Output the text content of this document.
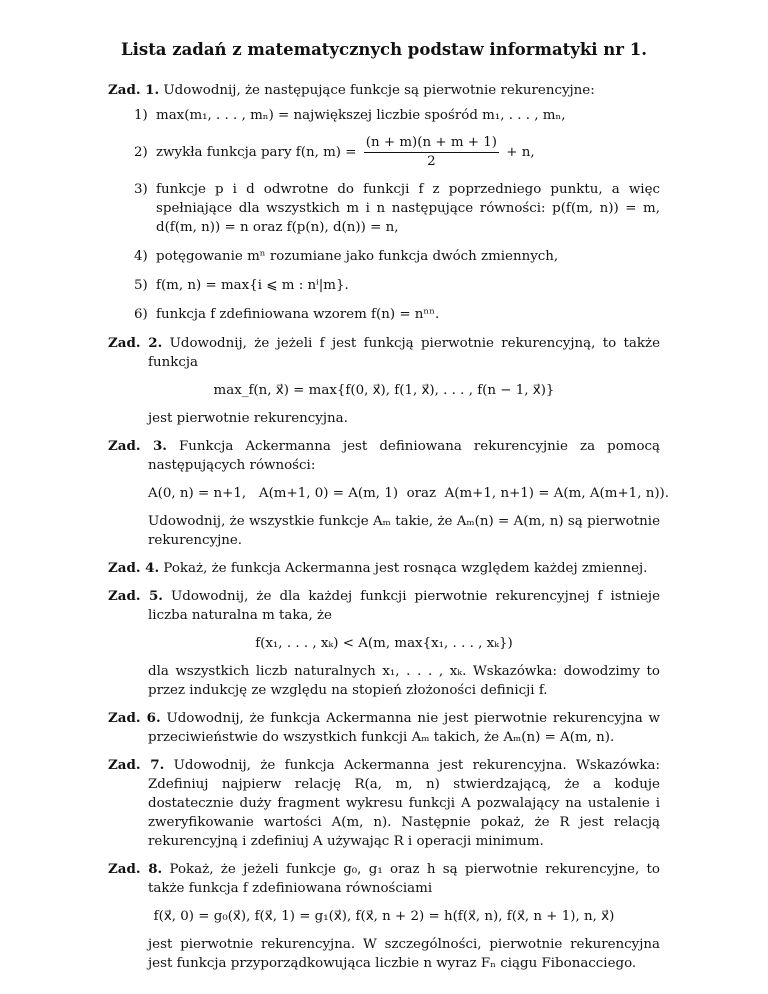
Lista zadań z matematycznych podstaw informatyki nr 1.
Zad. 1. Udowodnij, że następujące funkcje są pierwotnie rekurencyjne:
1) max(m₁, . . . , mₙ) = największej liczbie spośród m₁, . . . , mₙ,
2) zwykła funkcja pary f(n, $m) = \frac{(n + m)(n + m + 1)}{2} + n$,
3) funkcje p i d odwrotne do funkcji f z poprzedniego punktu, a więc spełniające dla wszystkich m i n następujące równości: p(f(m, n)) = m, d(f(m, n)) = n oraz f(p(n), d(n)) = n,
4) potęgowanie mⁿ rozumiane jako funkcja dwóch zmiennych,
5) f(m, n) = max{i ⩽ m : nⁱ|m}.
6) funkcja f zdefiniowana wzorem f(n) = nⁿⁿ.
Zad. 2. Udowodnij, że jeżeli f jest funkcją pierwotnie rekurencyjną, to także funkcja
max_f(n, x⃗) = max{f(0, x⃗), f(1, x⃗), . . . , f(n − 1, x⃗)}
jest pierwotnie rekurencyjna.
Zad. 3. Funkcja Ackermanna jest definiowana rekurencyjnie za pomocą następujących równości:
A(0, n) = n+1,   A(m+1, 0) = A(m, 1)  oraz  A(m+1, n+1) = A(m, A(m+1, n)).
Udowodnij, że wszystkie funkcje Aₘ takie, że Aₘ(n) = A(m, n) są pierwotnie rekurencyjne.
Zad. 4. Pokaż, że funkcja Ackermanna jest rosnąca względem każdej zmiennej.
Zad. 5. Udowodnij, że dla każdej funkcji pierwotnie rekurencyjnej f istnieje liczba naturalna m taka, że
f(x₁, . . . , xₖ) < A(m, max{x₁, . . . , xₖ})
dla wszystkich liczb naturalnych x₁, . . . , xₖ. Wskazówka: dowodzimy to przez indukcję ze względu na stopień złożoności definicji f.
Zad. 6. Udowodnij, że funkcja Ackermanna nie jest pierwotnie rekurencyjna w przeciwieństwie do wszystkich funkcji Aₘ takich, że Aₘ(n) = A(m, n).
Zad. 7. Udowodnij, że funkcja Ackermanna jest rekurencyjna. Wskazówka: Zdefiniuj najpierw relację R(a, m, n) stwierdzającą, że a koduje dostatecznie duży fragment wykresu funkcji A pozwalający na ustalenie i zweryfikowanie wartości A(m, n). Następnie pokaż, że R jest relacją rekurencyjną i zdefiniuj A używając R i operacji minimum.
Zad. 8. Pokaż, że jeżeli funkcje g₀, g₁ oraz h są pierwotnie rekurencyjne, to także funkcja f zdefiniowana równościami
f(x⃗, 0) = g₀(x⃗), f(x⃗, 1) = g₁(x⃗), f(x⃗, n + 2) = h(f(x⃗, n), f(x⃗, n + 1), n, x⃗)
jest pierwotnie rekurencyjna. W szczególności, pierwotnie rekurencyjna jest funkcja przyporządkowująca liczbie n wyraz Fₙ ciągu Fibonacciego.
